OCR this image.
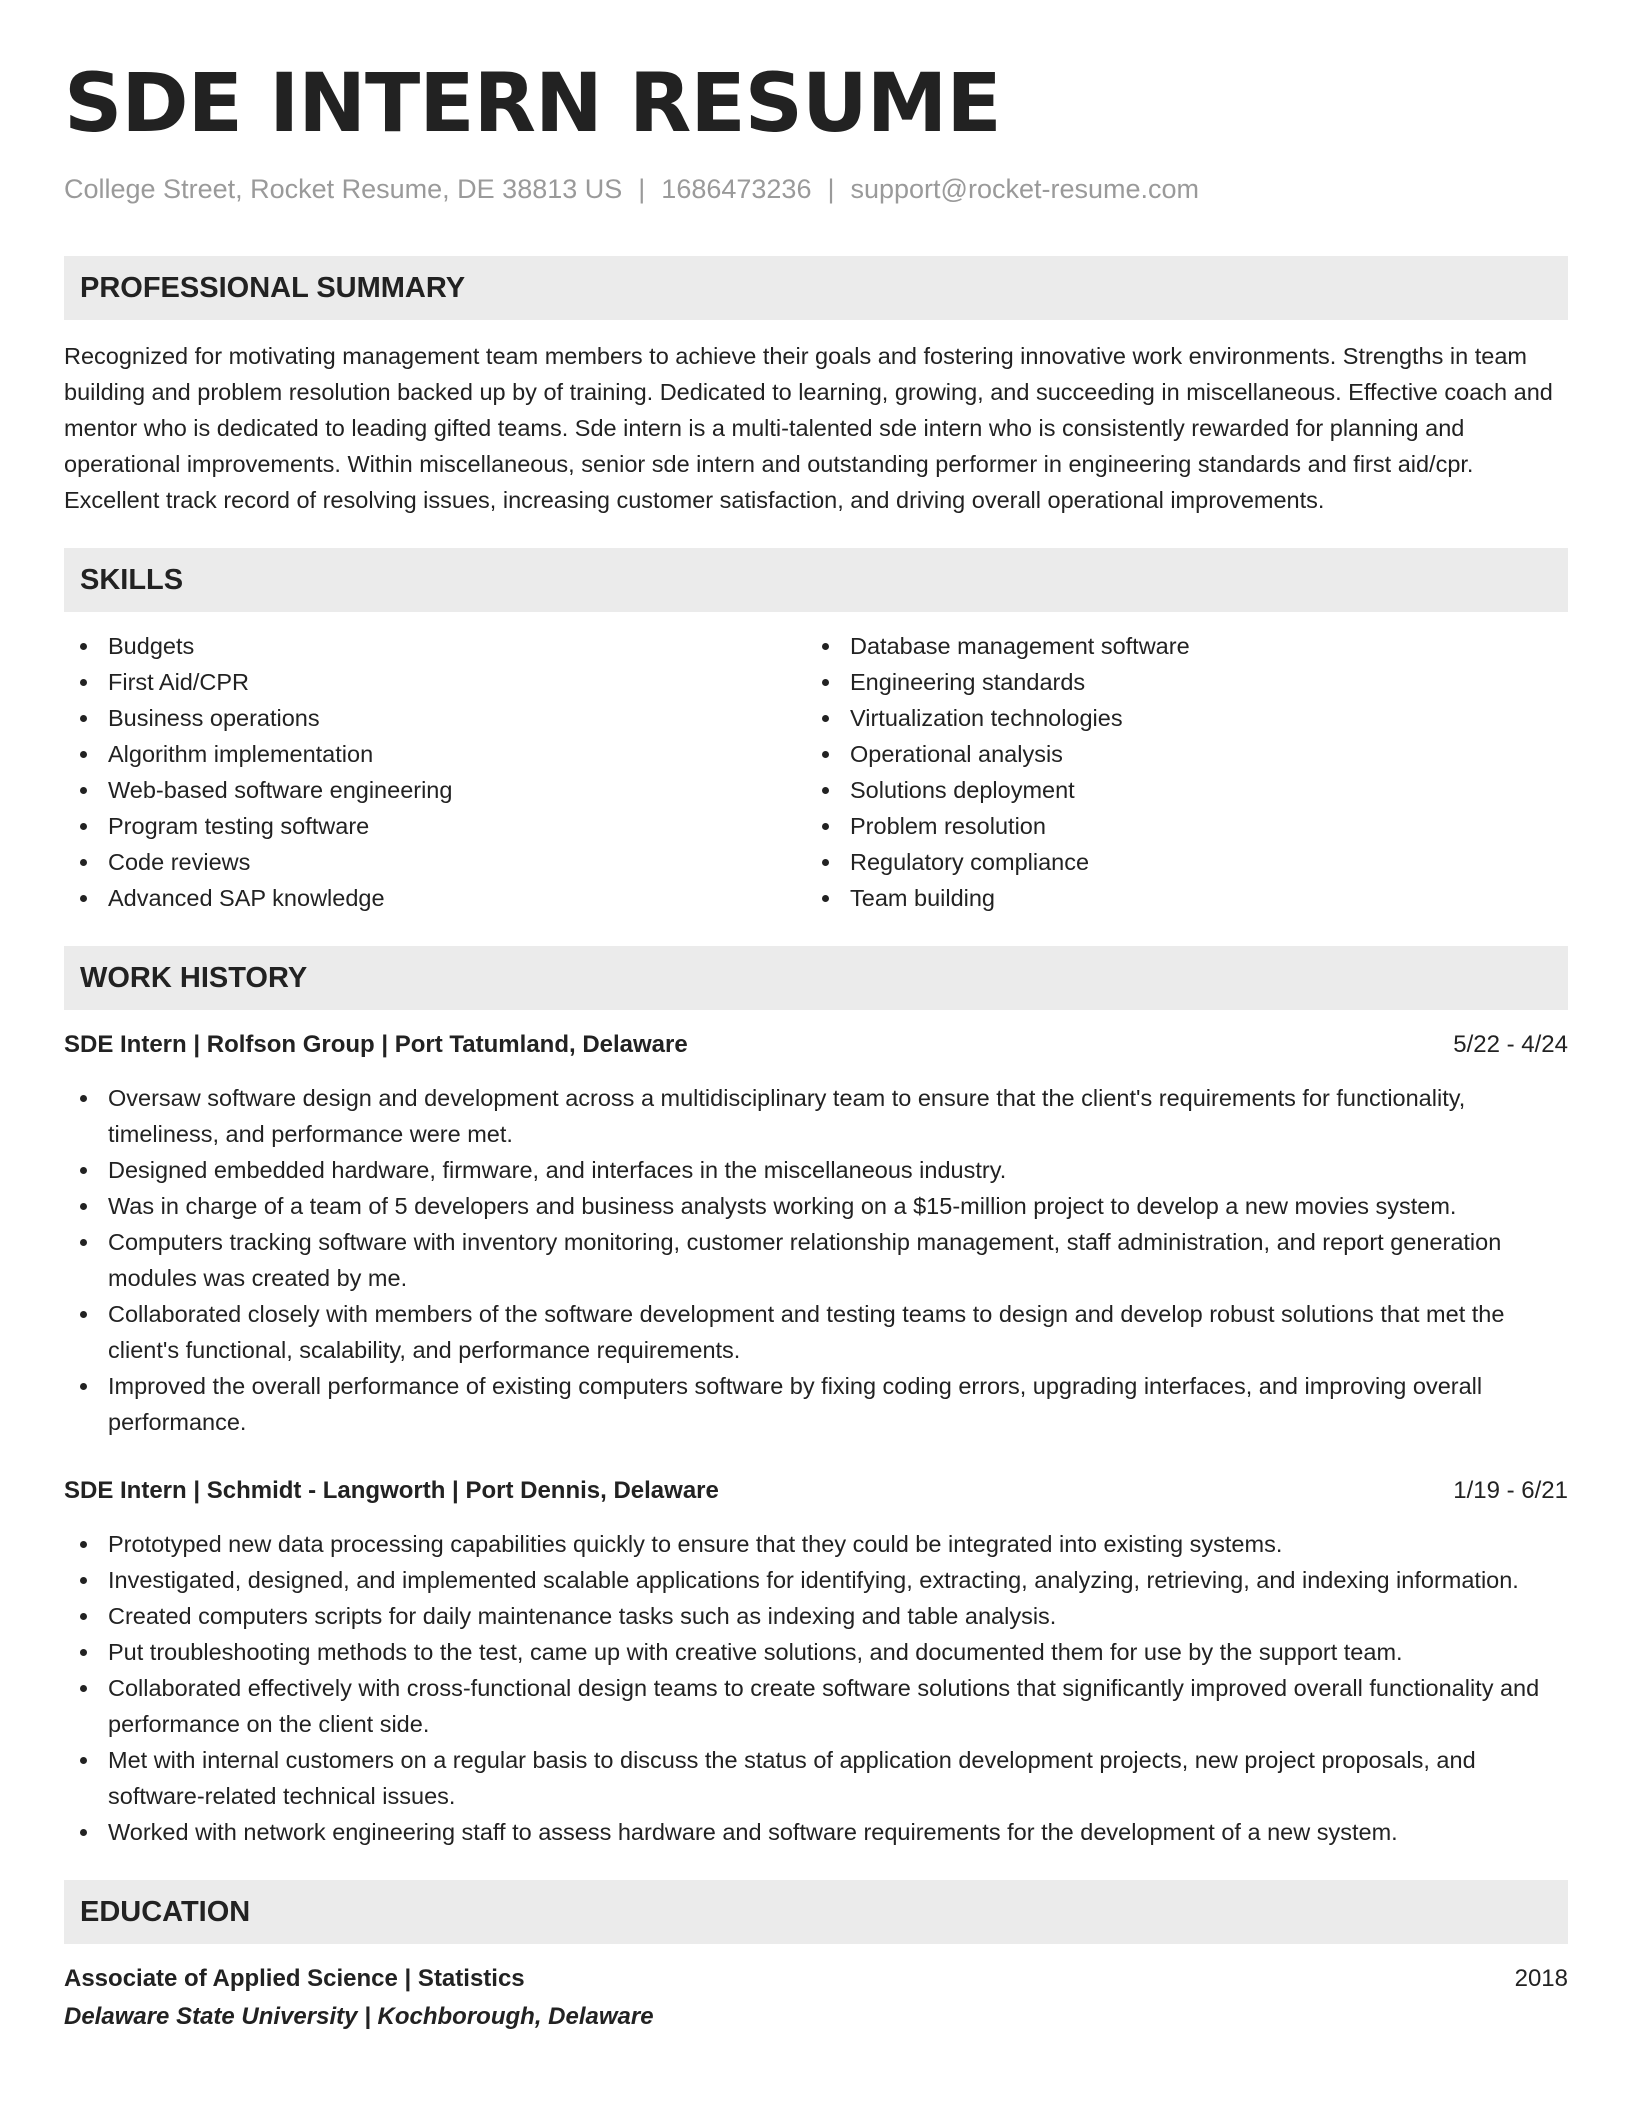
SDE INTERN RESUME
College Street, Rocket Resume, DE 38813 US | 1686473236 | support@rocket-resume.com
PROFESSIONAL SUMMARY

Recognized for motivating management team members to achieve their goals and fostering innovative work environments. Strengths in team building and problem resolution backed up by of training. Dedicated to learning, growing, and succeeding in miscellaneous. Effective coach and mentor who is dedicated to leading gifted teams. Sde intern is a multi-talented sde intern who is consistently rewarded for planning and operational improvements. Within miscellaneous, senior sde intern and outstanding performer in engineering standards and first aid/cpr. Excellent track record of resolving issues, increasing customer satisfaction, and driving overall operational improvements.

SKILLS
Budgets
First Aid/CPR
Business operations
Algorithm implementation
Web-based software engineering
Program testing software
Code reviews
Advanced SAP knowledge
Database management software
Engineering standards
Virtualization technologies
Operational analysis
Solutions deployment
Problem resolution
Regulatory compliance
Team building
WORK HISTORY
SDE Intern | Rolfson Group | Port Tatumland, Delaware	5/22 - 4/24
Oversaw software design and development across a multidisciplinary team to ensure that the client's requirements for functionality, timeliness, and performance were met.
Designed embedded hardware, firmware, and interfaces in the miscellaneous industry.
Was in charge of a team of 5 developers and business analysts working on a $15-million project to develop a new movies system.
Computers tracking software with inventory monitoring, customer relationship management, staff administration, and report generation modules was created by me.
Collaborated closely with members of the software development and testing teams to design and develop robust solutions that met the client's functional, scalability, and performance requirements.
Improved the overall performance of existing computers software by fixing coding errors, upgrading interfaces, and improving overall performance.
SDE Intern | Schmidt - Langworth | Port Dennis, Delaware	1/19 - 6/21
Prototyped new data processing capabilities quickly to ensure that they could be integrated into existing systems.
Investigated, designed, and implemented scalable applications for identifying, extracting, analyzing, retrieving, and indexing information.
Created computers scripts for daily maintenance tasks such as indexing and table analysis.
Put troubleshooting methods to the test, came up with creative solutions, and documented them for use by the support team.
Collaborated effectively with cross-functional design teams to create software solutions that significantly improved overall functionality and performance on the client side.
Met with internal customers on a regular basis to discuss the status of application development projects, new project proposals, and software-related technical issues.
Worked with network engineering staff to assess hardware and software requirements for the development of a new system.
EDUCATION
Associate of Applied Science | Statistics	2018
Delaware State University | Kochborough, Delaware
